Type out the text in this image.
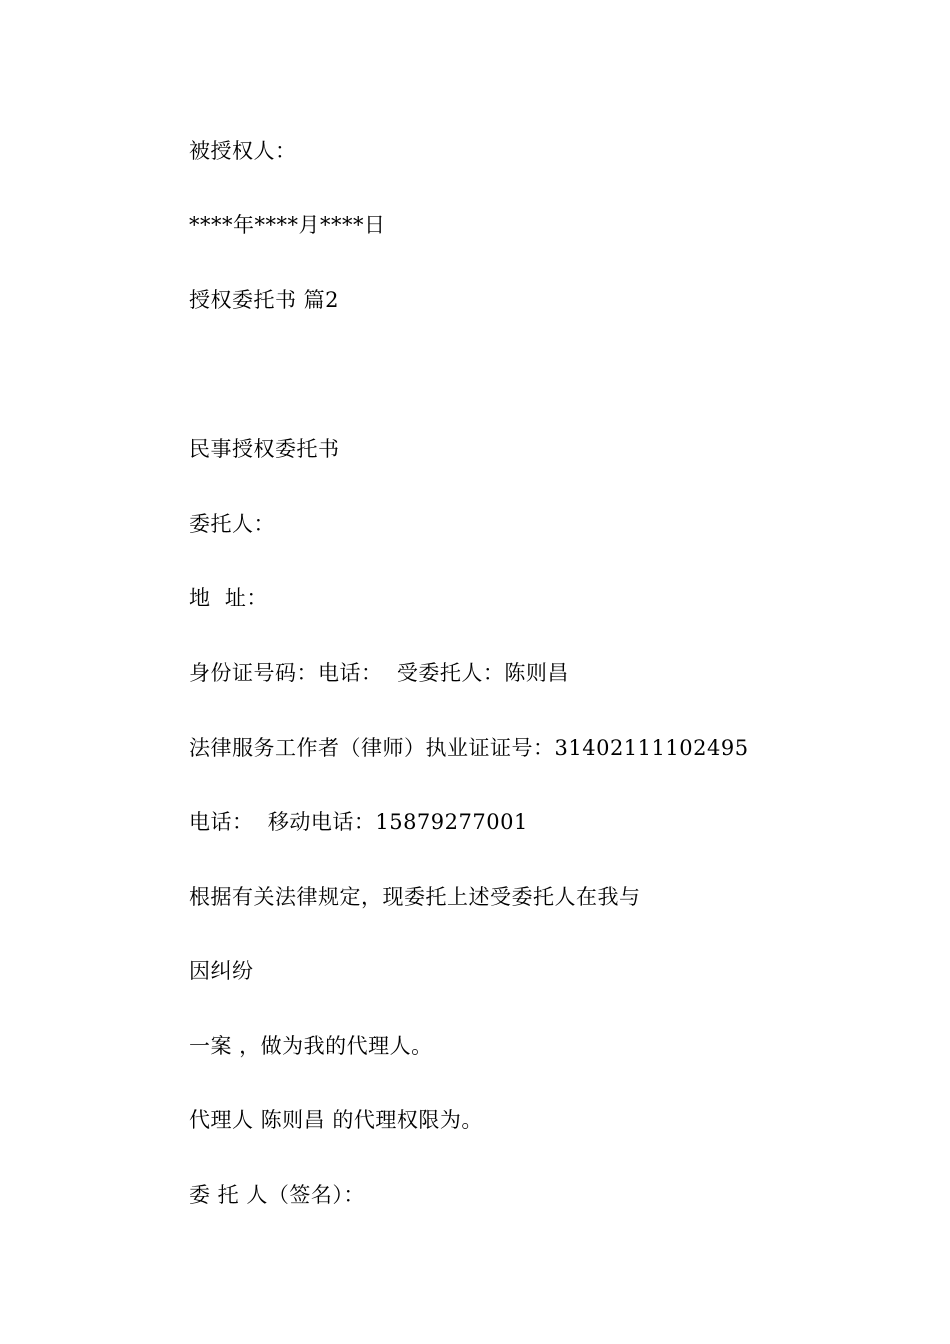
被授权人：
****年****月****日
授权委托书 篇2
民事授权委托书
委托人：
地  址：
身份证号码：电话：  受委托人：陈则昌
法律服务工作者（律师）执业证证号：31402111102495
电话：  移动电话：15879277001
根据有关法律规定，现委托上述受委托人在我与
因纠纷
一案 ，做为我的代理人。
代理人 陈则昌 的代理权限为。
委 托 人（签名）：
